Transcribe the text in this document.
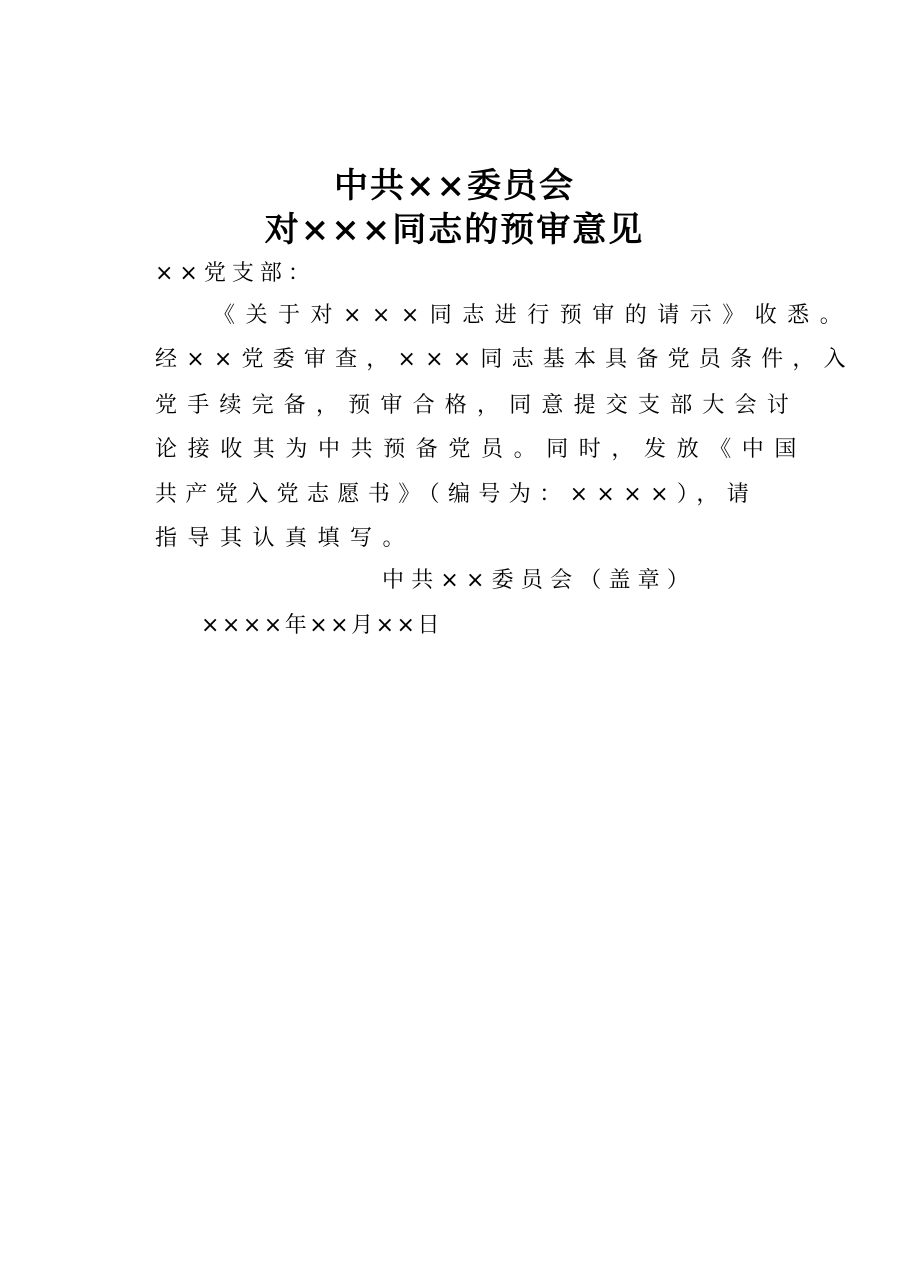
中共××委员会
对×××同志的预审意见
××党支部：
《关于对×××同志进行预审的请示》收悉。
经××党委审查，×××同志基本具备党员条件，入
党手续完备，预审合格，同意提交支部大会讨
论接收其为中共预备党员。同时，发放《中国
共产党入党志愿书》（编号为：××××），请
指导其认真填写。
中共××委员会（盖章）
××××年××月××日
